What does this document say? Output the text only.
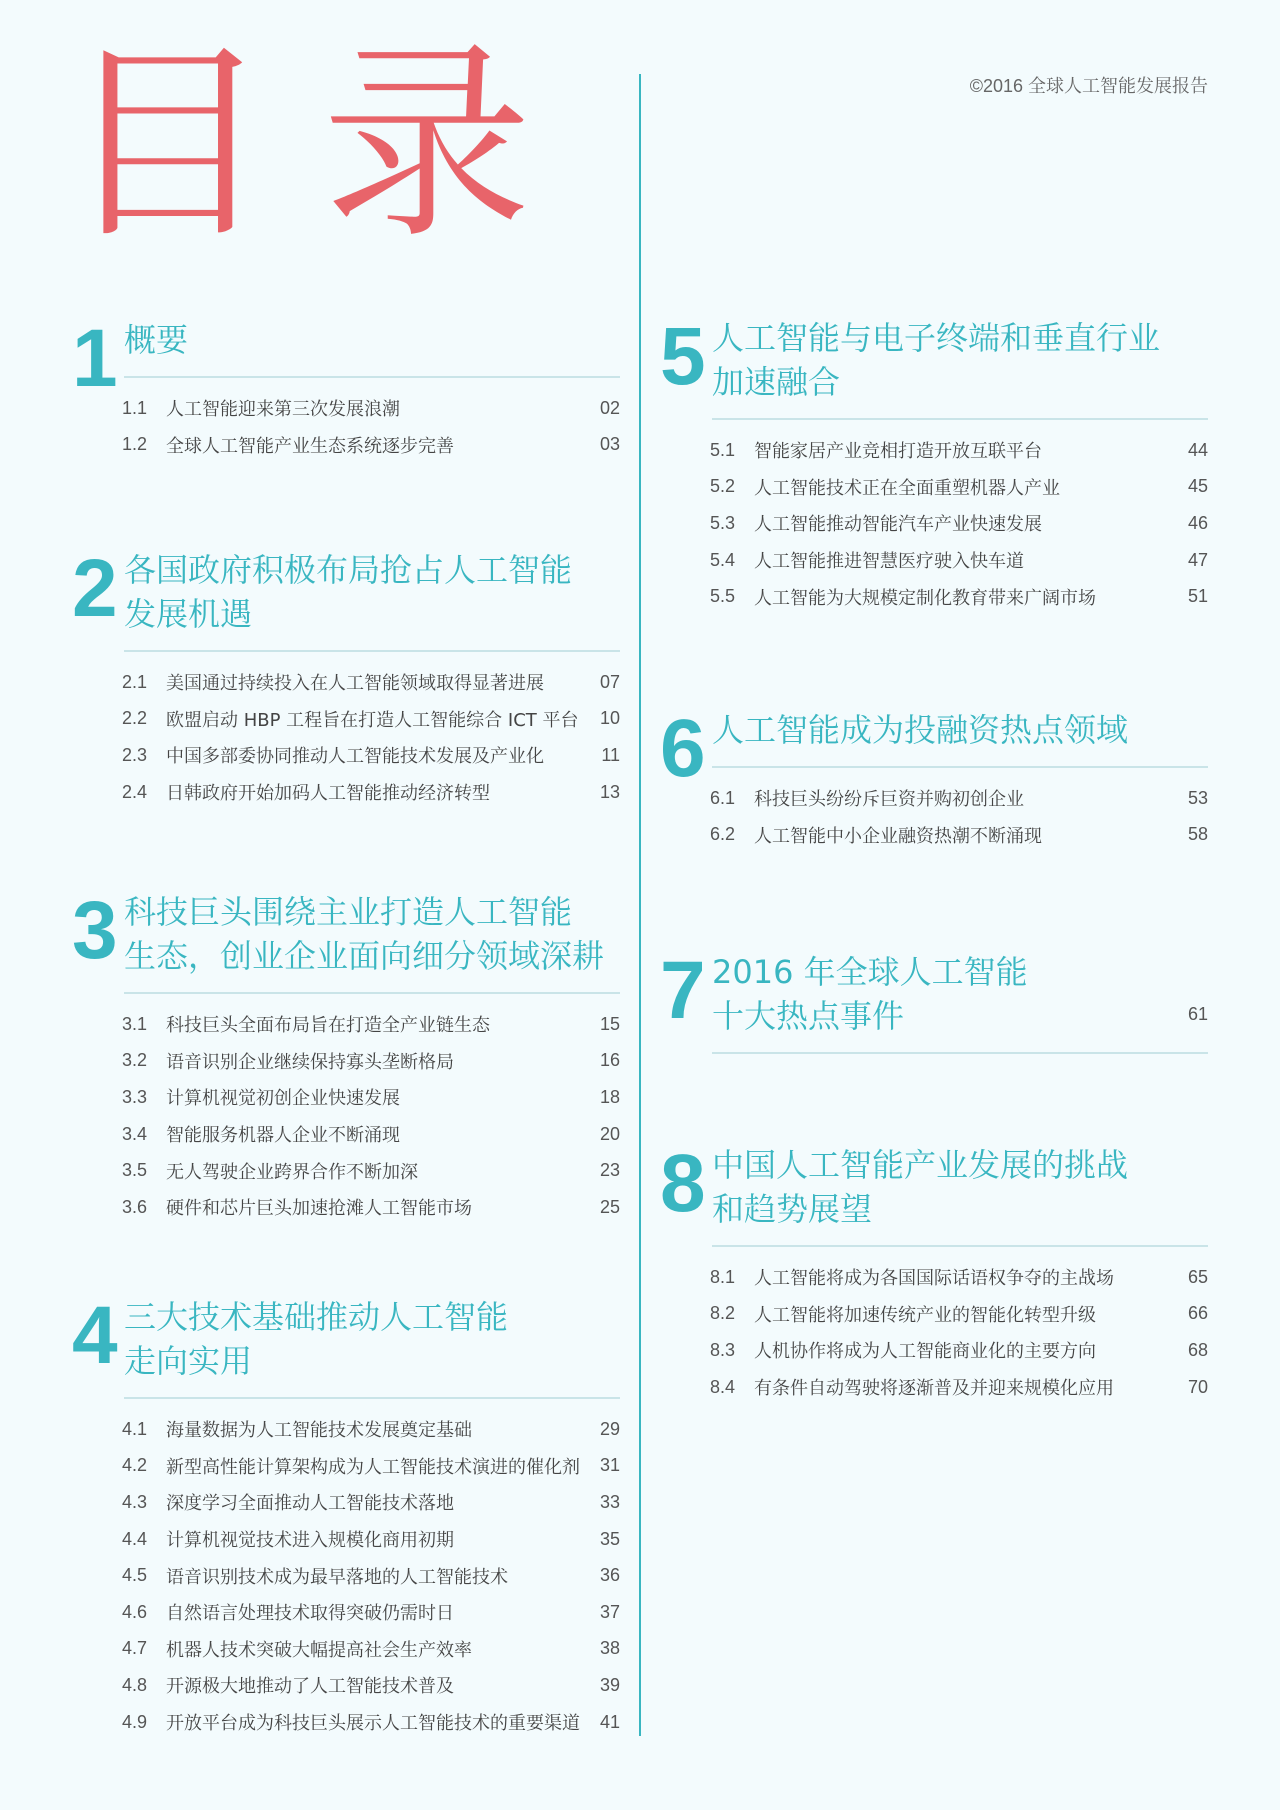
目录	©2016 全球人工智能发展报告
1 概要
1.1	人工智能迎来第三次发展浪潮	02
1.2	全球人工智能产业生态系统逐步完善	03
2 各国政府积极布局抢占人工智能
发展机遇
2.1	美国通过持续投入在人工智能领域取得显著进展	07
2.2	欧盟启动 HBP 工程旨在打造人工智能综合 ICT 平台	10
2.3	中国多部委协同推动人工智能技术发展及产业化	11
2.4	日韩政府开始加码人工智能推动经济转型	13
3 科技巨头围绕主业打造人工智能
生态，创业企业面向细分领域深耕
3.1	科技巨头全面布局旨在打造全产业链生态	15
3.2	语音识别企业继续保持寡头垄断格局	16
3.3	计算机视觉初创企业快速发展	18
3.4	智能服务机器人企业不断涌现	20
3.5	无人驾驶企业跨界合作不断加深	23
3.6	硬件和芯片巨头加速抢滩人工智能市场	25
4 三大技术基础推动人工智能
走向实用
4.1	海量数据为人工智能技术发展奠定基础	29
4.2	新型高性能计算架构成为人工智能技术演进的催化剂	31
4.3	深度学习全面推动人工智能技术落地	33
4.4	计算机视觉技术进入规模化商用初期	35
4.5	语音识别技术成为最早落地的人工智能技术	36
4.6	自然语言处理技术取得突破仍需时日	37
4.7	机器人技术突破大幅提高社会生产效率	38
4.8	开源极大地推动了人工智能技术普及	39
4.9	开放平台成为科技巨头展示人工智能技术的重要渠道	41
5 人工智能与电子终端和垂直行业
加速融合
5.1	智能家居产业竞相打造开放互联平台	44
5.2	人工智能技术正在全面重塑机器人产业	45
5.3	人工智能推动智能汽车产业快速发展	46
5.4	人工智能推进智慧医疗驶入快车道	47
5.5	人工智能为大规模定制化教育带来广阔市场	51
6 人工智能成为投融资热点领域
6.1	科技巨头纷纷斥巨资并购初创企业	53
6.2	人工智能中小企业融资热潮不断涌现	58
7 2016 年全球人工智能
十大热点事件	61
8 中国人工智能产业发展的挑战
和趋势展望
8.1	人工智能将成为各国国际话语权争夺的主战场	65
8.2	人工智能将加速传统产业的智能化转型升级	66
8.3	人机协作将成为人工智能商业化的主要方向	68
8.4	有条件自动驾驶将逐渐普及并迎来规模化应用	70
